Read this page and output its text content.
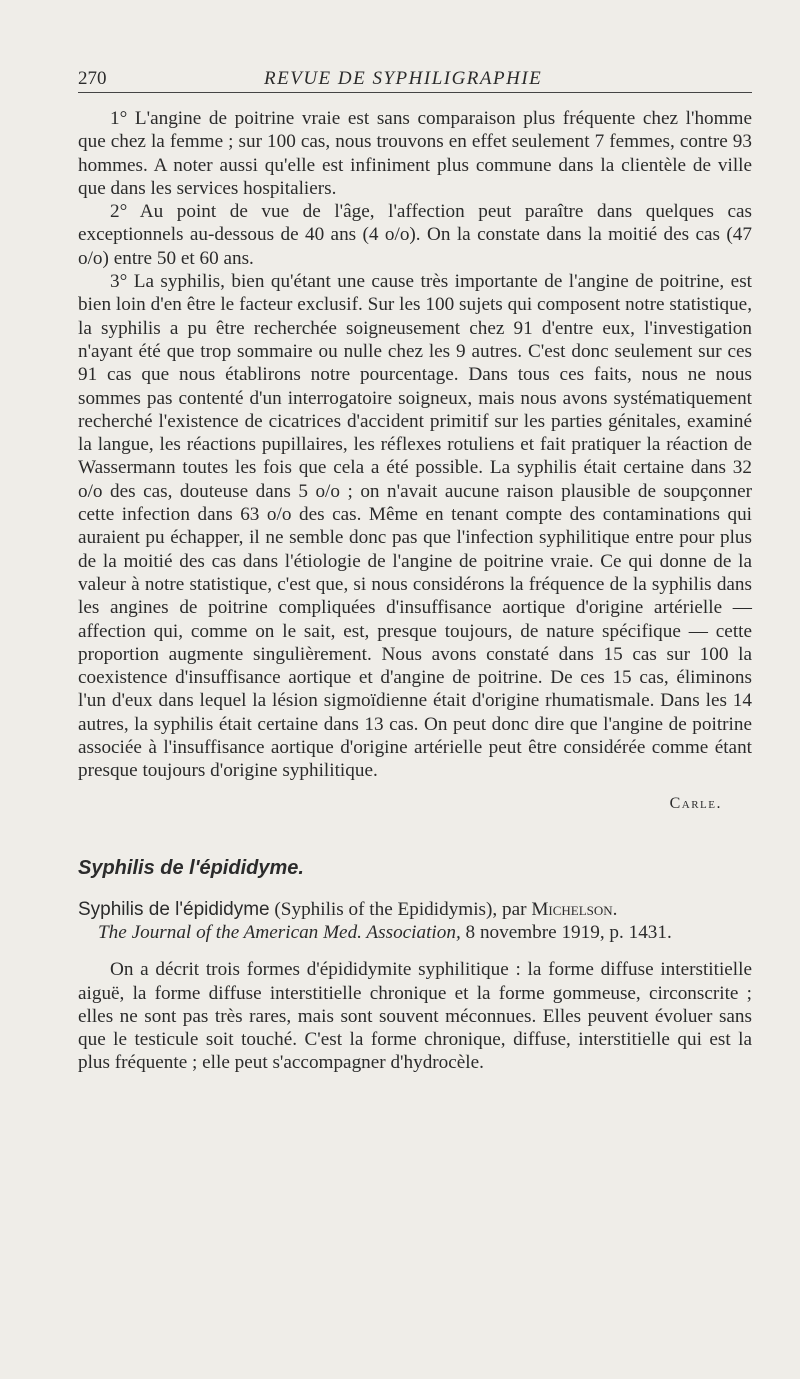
270	REVUE DE SYPHILIGRAPHIE

1° L'angine de poitrine vraie est sans comparaison plus fréquente chez l'homme que chez la femme ; sur 100 cas, nous trouvons en effet seulement 7 femmes, contre 93 hommes. A noter aussi qu'elle est infiniment plus commune dans la clientèle de ville que dans les services hospitaliers.

2° Au point de vue de l'âge, l'affection peut paraître dans quelques cas exceptionnels au-dessous de 40 ans (4 o/o). On la constate dans la moitié des cas (47 o/o) entre 50 et 60 ans.

3° La syphilis, bien qu'étant une cause très importante de l'angine de poitrine, est bien loin d'en être le facteur exclusif. Sur les 100 sujets qui composent notre statistique, la syphilis a pu être recherchée soigneusement chez 91 d'entre eux, l'investigation n'ayant été que trop sommaire ou nulle chez les 9 autres. C'est donc seulement sur ces 91 cas que nous établirons notre pourcentage. Dans tous ces faits, nous ne nous sommes pas contenté d'un interrogatoire soigneux, mais nous avons systématiquement recherché l'existence de cicatrices d'accident primitif sur les parties génitales, examiné la langue, les réactions pupillaires, les réflexes rotuliens et fait pratiquer la réaction de Wassermann toutes les fois que cela a été possible. La syphilis était certaine dans 32 o/o des cas, douteuse dans 5 o/o ; on n'avait aucune raison plausible de soupçonner cette infection dans 63 o/o des cas. Même en tenant compte des contaminations qui auraient pu échapper, il ne semble donc pas que l'infection syphilitique entre pour plus de la moitié des cas dans l'étiologie de l'angine de poitrine vraie. Ce qui donne de la valeur à notre statistique, c'est que, si nous considérons la fréquence de la syphilis dans les angines de poitrine compliquées d'insuffisance aortique d'origine artérielle — affection qui, comme on le sait, est, presque toujours, de nature spécifique — cette proportion augmente singulièrement. Nous avons constaté dans 15 cas sur 100 la coexistence d'insuffisance aortique et d'angine de poitrine. De ces 15 cas, éliminons l'un d'eux dans lequel la lésion sigmoïdienne était d'origine rhumatismale. Dans les 14 autres, la syphilis était certaine dans 13 cas. On peut donc dire que l'angine de poitrine associée à l'insuffisance aortique d'origine artérielle peut être considérée comme étant presque toujours d'origine syphilitique.

Carle.
Syphilis de l'épididyme.

Syphilis de l'épididyme (Syphilis of the Epididymis), par Michelson.
The Journal of the American Med. Association, 8 novembre 1919, p. 1431.

On a décrit trois formes d'épididymite syphilitique : la forme diffuse interstitielle aiguë, la forme diffuse interstitielle chronique et la forme gommeuse, circonscrite ; elles ne sont pas très rares, mais sont souvent méconnues. Elles peuvent évoluer sans que le testicule soit touché. C'est la forme chronique, diffuse, interstitielle qui est la plus fréquente ; elle peut s'accompagner d'hydrocèle.
